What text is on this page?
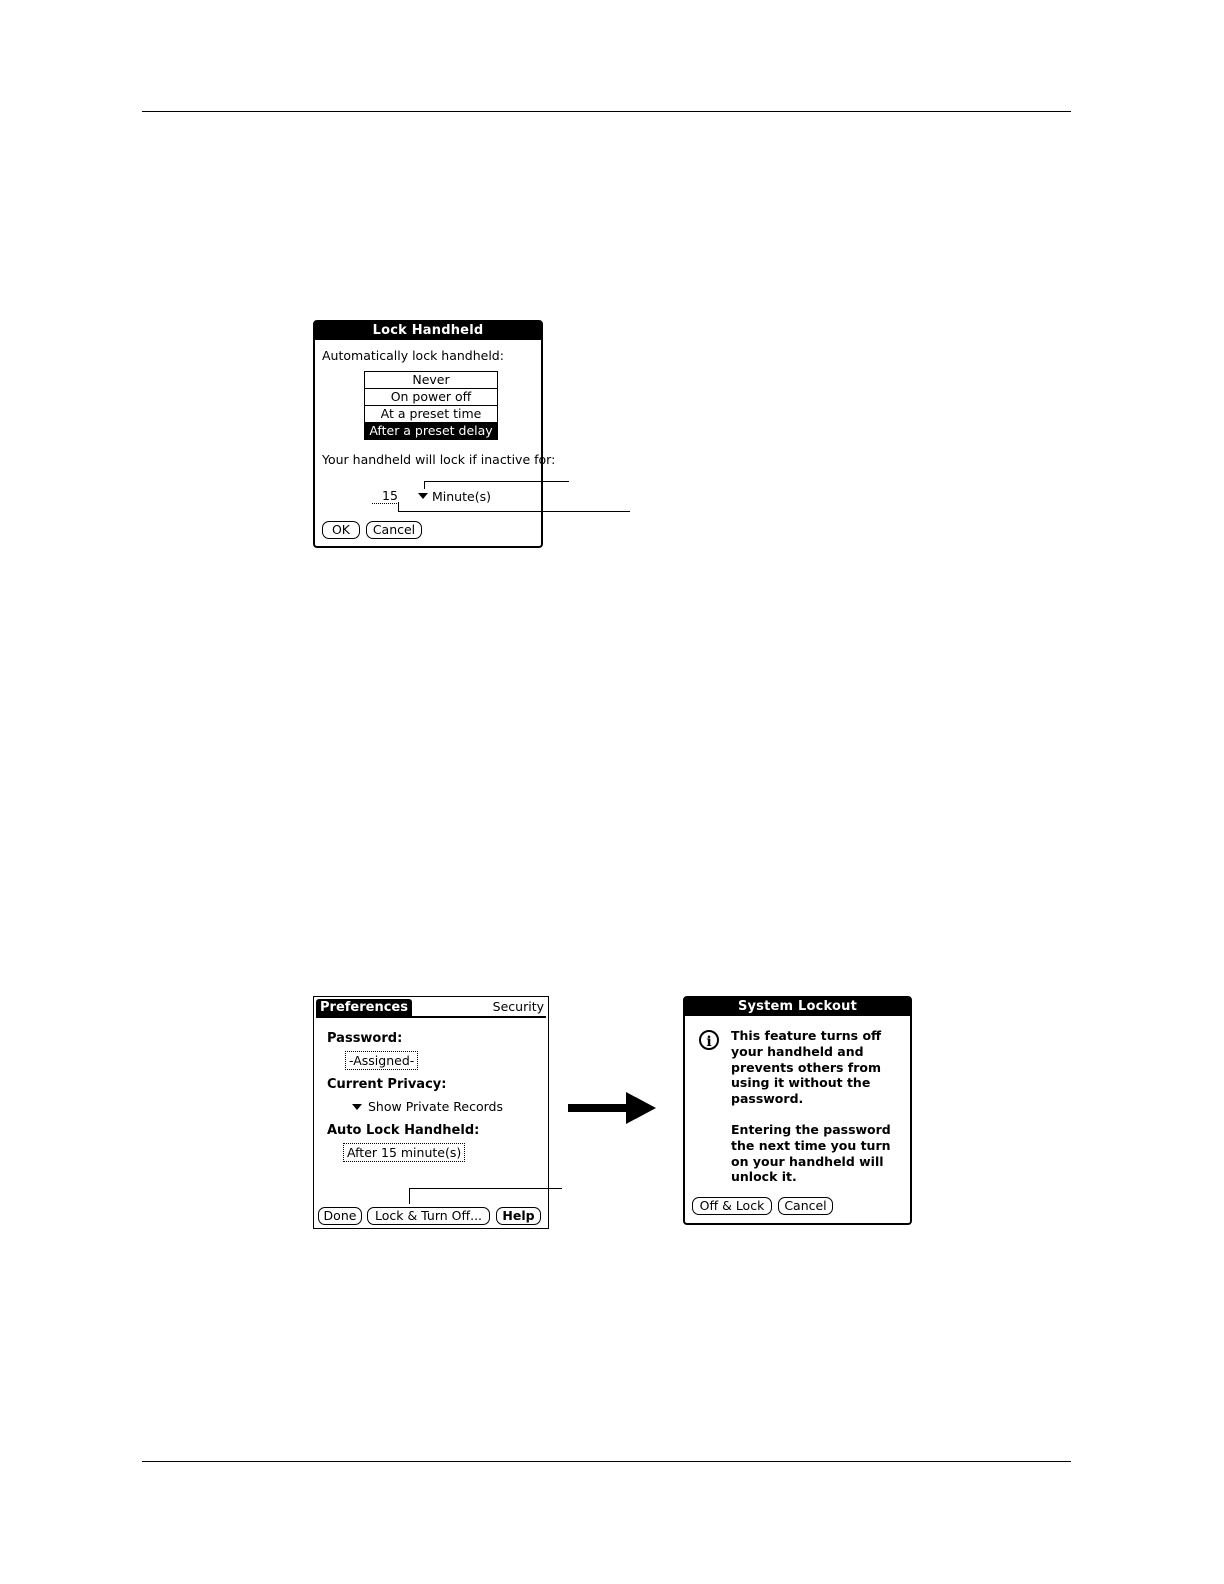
Lock Handheld
Automatically lock handheld:
Never
On power off
At a preset time
After a preset delay
Your handheld will lock if inactive for:
15	Minute(s)
OK	Cancel
Preferences	Security
Password:
-Assigned-
Current Privacy:
Show Private Records
Auto Lock Handheld:
After 15 minute(s)
Done	Lock & Turn Off...	Help
System Lockout
i	This feature turns off
your handheld and
prevents others from
using it without the
password.
Entering the password
the next time you turn
on your handheld will
unlock it.
Off & Lock	Cancel
